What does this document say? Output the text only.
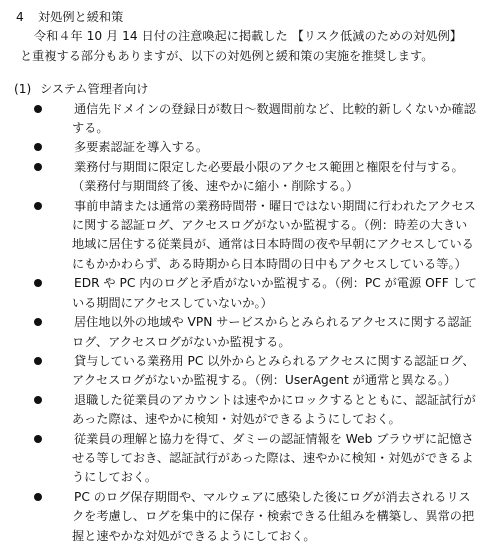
4 対処例と緩和策

令和４年 10 月 14 日付の注意喚起に掲載した 【リスク低減のための対処例】 と重複する部分もありますが、以下の対処例と緩和策の実施を推奨します。

(1) システム管理者向け

通信先ドメインの登録日が数日～数週間前など、比較的新しくないか確認する。

多要素認証を導入する。

業務付与期間に限定した必要最小限のアクセス範囲と権限を付与する。（業務付与期間終了後、速やかに縮小・削除する。）

事前申請または通常の業務時間帯・曜日ではない期間に行われたアクセスに関する認証ログ、アクセスログがないか監視する。（例：時差の大きい地域に居住する従業員が、通常は日本時間の夜や早朝にアクセスしているにもかかわらず、ある時期から日本時間の日中もアクセスしている等。）

EDR や PC 内のログと矛盾がないか監視する。（例：PC が電源 OFF している期間にアクセスしていないか。）

居住地以外の地域や VPN サービスからとみられるアクセスに関する認証ログ、アクセスログがないか監視する。

貸与している業務用 PC 以外からとみられるアクセスに関する認証ログ、アクセスログがないか監視する。（例：UserAgent が通常と異なる。）

退職した従業員のアカウントは速やかにロックするとともに、認証試行があった際は、速やかに検知・対処ができるようにしておく。

従業員の理解と協力を得て、ダミーの認証情報を Web ブラウザに記憶させる等しておき、認証試行があった際は、速やかに検知・対処ができるようにしておく。

PC のログ保存期間や、マルウェアに感染した後にログが消去されるリスクを考慮し、ログを集中的に保存・検索できる仕組みを構築し、異常の把握と速やかな対処ができるようにしておく。
